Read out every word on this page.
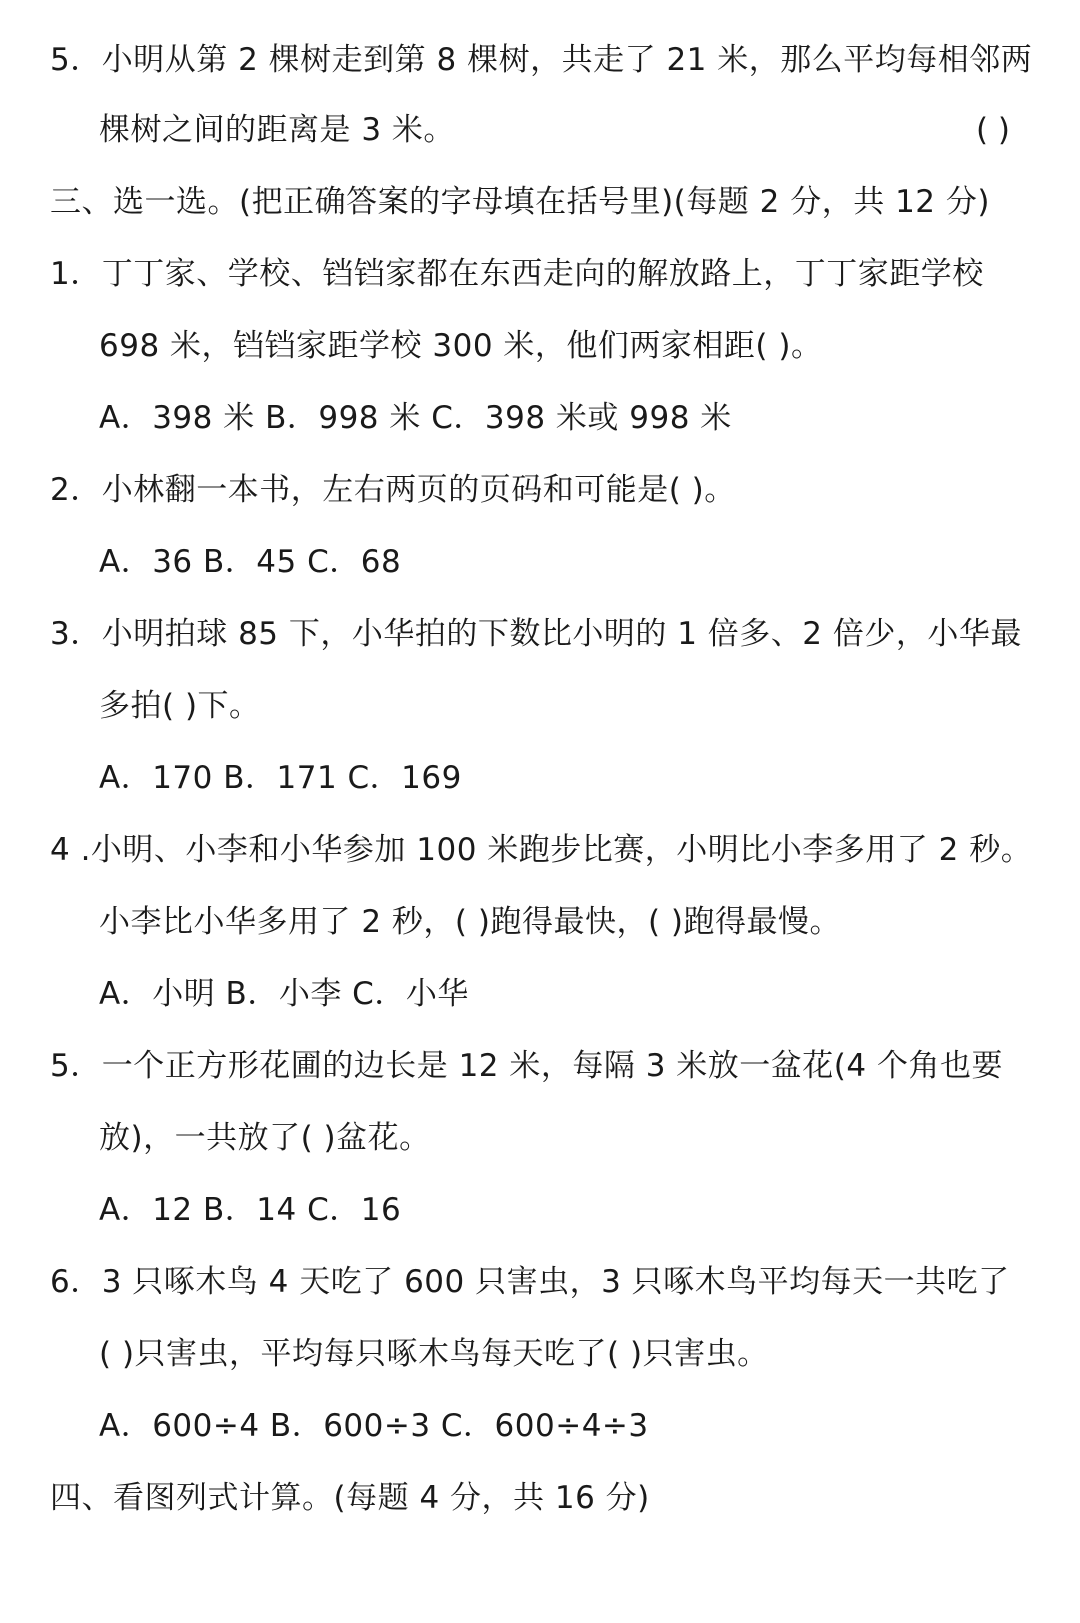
5．小明从第 2 棵树走到第 8 棵树，共走了 21 米，那么平均每相邻两
棵树之间的距离是 3 米。	( )
三、选一选。(把正确答案的字母填在括号里)(每题 2 分，共 12 分)
1．丁丁家、学校、铛铛家都在东西走向的解放路上，丁丁家距学校
698 米，铛铛家距学校 300 米，他们两家相距( )。
A．398 米 B．998 米 C．398 米或 998 米
2．小林翻一本书，左右两页的页码和可能是( )。
A．36 B．45 C．68
3．小明拍球 85 下，小华拍的下数比小明的 1 倍多、2 倍少，小华最
多拍( )下。
A．170 B．171 C．169
4 .小明、小李和小华参加 100 米跑步比赛，小明比小李多用了 2 秒。
小李比小华多用了 2 秒，( )跑得最快，( )跑得最慢。
A．小明 B．小李 C．小华
5．一个正方形花圃的边长是 12 米，每隔 3 米放一盆花(4 个角也要
放)，一共放了( )盆花。
A．12 B．14 C．16
6．3 只啄木鸟 4 天吃了 600 只害虫，3 只啄木鸟平均每天一共吃了
( )只害虫，平均每只啄木鸟每天吃了( )只害虫。
A．600÷4 B．600÷3 C．600÷4÷3
四、看图列式计算。(每题 4 分，共 16 分)
